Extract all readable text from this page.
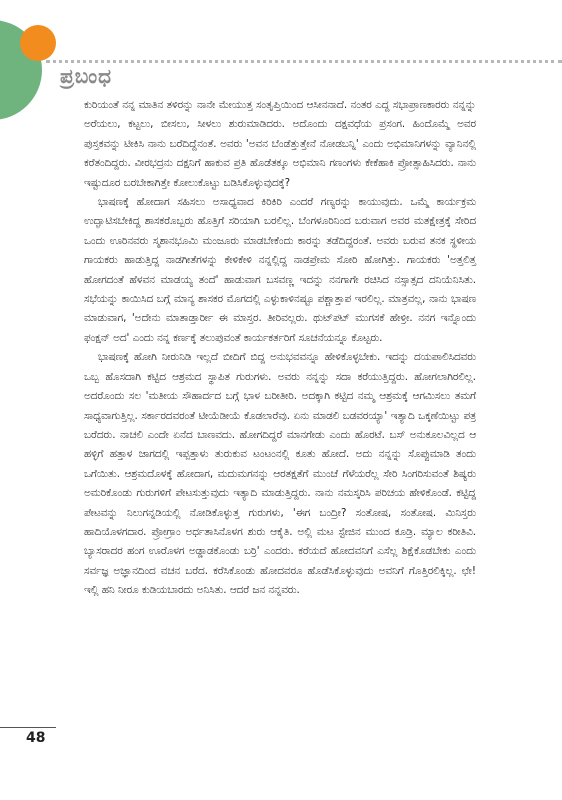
ಪ್ರಬಂಧ

ಕುರಿಯಂತೆ ನನ್ನ ಮಾತಿನ ತಳಿರನ್ನು ನಾನೇ ಮೇಯುತ್ತ ಸಂತೃಪ್ತಿಯಿಂದ ಆಸೀನನಾದೆ. ನಂತರ ಎದ್ದ ಸಭಾಪ್ರಾಣಕಾರರು ನನ್ನನ್ನು ಅರೆಯಲು, ಕಟ್ಟಲು, ಬೀಸಲು, ಸೀಳಲು ಶುರುಮಾಡಿದರು. ಅದೊಂದು ದಕ್ಷವಧೆಯ ಪ್ರಸಂಗ. ಹಿಂದೊಮ್ಮೆ ಅವರ ಪುಸ್ತಕವನ್ನು ಟೀಕಿಸಿ ನಾನು ಬರೆದಿದ್ದೆನಂತೆ. ಅವರು 'ಅವನ ಬೆಂಡೆತ್ತುತ್ತೇನೆ ನೋಡಬನ್ನಿ' ಎಂದು ಅಭಿಮಾನಿಗಳನ್ನು ವ್ಯಾನಿನಲ್ಲಿ ಕರೆತಂದಿದ್ದರು. ವೀರಭದ್ರನು ದಕ್ಷನಿಗೆ ಹಾಕುವ ಪ್ರತಿ ಹೊಡೆತಕ್ಕೂ ಅಭಿಮಾನಿ ಗಣಂಗಳು ಕೇಕೆಹಾಕಿ ಪ್ರೋತ್ಸಾಹಿಸಿದರು. ನಾನು ಇಷ್ಟುದೂರ ಬರಬೇಕಾಗಿತ್ತೇ ಕೋಲುಕೊಟ್ಟು ಬಡಿಸಿಕೊಳ್ಳುವುದಕ್ಕೆ?

ಭಾಷಣಕ್ಕೆ ಹೋದಾಗ ಸಹಿಸಲು ಅಸಾಧ್ಯವಾದ ಕಿರಿಕಿರಿ ಎಂದರೆ ಗಣ್ಯರನ್ನು ಕಾಯುವುದು. ಒಮ್ಮೆ ಕಾರ್ಯಕ್ರಮ ಉದ್ಘಾಟಿಸಬೇಕಿದ್ದ ಶಾಸಕರೊಬ್ಬರು ಹೊತ್ತಿಗೆ ಸರಿಯಾಗಿ ಬರಲಿಲ್ಲ. ಬೆಂಗಳೂರಿನಿಂದ ಬರುವಾಗ ಅವರ ಮತಕ್ಷೇತ್ರಕ್ಕೆ ಸೇರಿದ ಒಂದು ಊರಿನವರು ಸ್ಮಶಾನಭೂಮಿ ಮಂಜೂರು ಮಾಡಬೇಕೆಂದು ಕಾರನ್ನು ತಡೆದಿದ್ದರಂತೆ. ಅವರು ಬರುವ ತನಕ ಸ್ಥಳೀಯ ಗಾಯಕರು ಹಾಡುತ್ತಿದ್ದ ನಾಡಗೀತೆಗಳನ್ನು ಕೇಳಿಕೇಳಿ ನನ್ನಲ್ಲಿದ್ದ ನಾಡಪ್ರೇಮ ಸೋರಿ ಹೋಗಿತ್ತು. ಗಾಯಕರು 'ಅತ್ತಲಿತ್ತ ಹೋಗದಂತೆ ಹೆಳವನ ಮಾಡಯ್ಯ ತಂದೆ' ಹಾಡುವಾಗ ಬಸವಣ್ಣ ಇದನ್ನು ನನಗಾಗೇ ರಚಿಸಿದ ನಸ್ಸಾತ್ಸದ ದನಿಯೆನಿಸಿತು. ಸಭೆಯನ್ನು ಕಾಯಿಸಿದ ಬಗ್ಗೆ ಮಾನ್ಯ ಶಾಸಕರ ಮೊಗದಲ್ಲಿ ಎಳ್ಳುಕಾಳಿನಷ್ಟೂ ಪಶ್ಚಾತ್ತಾಪ ಇರಲಿಲ್ಲ. ಮಾತ್ರವಲ್ಲ, ನಾನು ಭಾಷಣ ಮಾಡುವಾಗ, 'ಅದೇನು ಮಾತಾಡ್ತಾರ್ರೀ ಈ ಮಾಸ್ತರ. ತೀರಿವಲ್ಲರು. ಥುಟ್‌ಪಟ್ ಮುಗಸಕೆ ಹೇಳ್ರೀ. ನನಗ ಇನ್ನೊಂದು ಫಂಕ್ಷನ್ ಅದ' ಎಂದು ನನ್ನ ಕರ್ಣಕ್ಕೆ ತಲುಪುವಂತೆ ಕಾರ್ಯಕರ್ತರಿಗೆ ಸೂಚನೆಯನ್ನೂ ಕೊಟ್ಟರು.

ಭಾಷಣಕ್ಕೆ ಹೋಗಿ ನೀರುನಿಡಿ ಇಲ್ಲದೆ ಬೀದಿಗೆ ಬಿದ್ದ ಅನುಭವವನ್ನೂ ಹೇಳಿಕೊಳ್ಳಬೇಕು. ಇದನ್ನು ದಯಪಾಲಿಸಿದವರು ಒಬ್ಬ ಹೊಸದಾಗಿ ಕಟ್ಟಿದ ಆಶ್ರಮದ ಸ್ಥಾಪಿತ ಗುರುಗಳು. ಅವರು ನನ್ನನ್ನು ಸದಾ ಕರೆಯುತ್ತಿದ್ದರು. ಹೋಗಲಾಗಿರಲಿಲ್ಲ. ಅದರೊಂದು ಸಲ 'ಮತೀಯ ಸೌಹಾರ್ದದ ಬಗ್ಗೆ ಭಾಳ ಬರೀತೀರಿ. ಅದಕ್ಕಾಗಿ ಕಟ್ಟಿದ ನಮ್ಮ ಆಶ್ರಮಕ್ಕೆ ಆಗಮಿಸಲು ತಮಗೆ ಸಾಧ್ಯವಾಗುತ್ತಿಲ್ಲ. ಸರ್ಕಾರದವರಂತೆ ಟೀಯೆಡೀಯೆ ಕೊಡಲಾರೆವು. ಏನು ಮಾಡಲಿ ಬಡವರಯ್ಯಾ' ಇತ್ಯಾದಿ ಒಕ್ಕಣೆಯಿಟ್ಟು ಪತ್ರ ಬರೆದರು. ನಾಚಲಿ ಎಂದೇ ಏನೆದ ಬಾಣವದು. ಹೋಗದಿದ್ದರೆ ಮಾನಗೇಡು ಎಂದು ಹೊರಟೆ. ಬಸ್ ಅನುಕೂಲವಿಲ್ಲದ ಆ ಹಳ್ಳಿಗೆ ಹತ್ತಾಳ ಜಾಗದಲ್ಲಿ ಇಪ್ಪತ್ತಾಳು ತುರುಕುವ ಟಂಟಂನಲ್ಲಿ ಕೂತು ಹೋದೆ. ಅದು ನನ್ನನ್ನು ಸೊಪ್ಪುಮಾಡಿ ತಂದು ಒಗೆಯಿತು. ಆಶ್ರಮದೊಳಕ್ಕೆ ಹೋದಾಗ, ಮದುಮಗನನ್ನು ಆರತಕ್ಷತೆಗೆ ಮುಂಚೆ ಗೆಳೆಯರೆಲ್ಲ ಸೇರಿ ಸಿಂಗರಿಸುವಂತೆ ಶಿಷ್ಯರು ಅಮರಿಕೊಂಡು ಗುರುಗಳಿಗೆ ಪೇಟಸುತ್ತುವುದು ಇತ್ಯಾದಿ ಮಾಡುತ್ತಿದ್ದರು. ನಾನು ನಮಸ್ಕರಿಸಿ ಪರಿಚಯ ಹೇಳಿಕೊಂಡೆ. ಕಟ್ಟಿದ್ದ ಪೇಟವನ್ನು ನಿಲುಗನ್ನಡಿಯಲ್ಲಿ ನೋಡಿಕೊಳ್ಳುತ್ತ ಗುರುಗಳು, 'ಈಗ ಬಂದ್ರೀ? ಸಂತೋಷ, ಸಂತೋಷ. ಮಿನಿಸ್ತರು ಹಾದಿಯೊಳಗದಾರ. ಪ್ರೋಗ್ರಾಂ ಅರ್ಧತಾಸಿನೊಳಗ ಶುರು ಆಕೈತಿ. ಅಲ್ಲಿ ಮಟ ಸ್ಟೇಜಿನ ಮುಂದ ಕೂಡ್ರಿ. ಮ್ಯಾಲ ಕರೀತಿವಿ. ಬ್ಯಾಸರಾದರ ಹಂಗ ಊರೊಳಗ ಅಡ್ಡಾಡಕೊಂಡು ಬರ್ರಿ' ಎಂದರು. ಕರೆಯದೆ ಹೋದವನಿಗೆ ಎಸೆಲ್ಲ ಶಿಕ್ಷೆಕೊಡಬೇಕು ಎಂದು ಸರ್ವಜ್ಞ ಅಜ್ಞಾನದಿಂದ ವಚನ ಬರೆದ. ಕರೆಸಿಕೊಂಡು ಹೋದವರೂ ಹೊಡೆಸಿಕೊಳ್ಳುವುದು ಅವನಿಗೆ ಗೊತ್ತಿರಲಿಕ್ಕಿಲ್ಲ. ಛೇ! ಇಲ್ಲಿ ಹನಿ ನೀರೂ ಕುಡಿಯಬಾರದು ಅನಿಸಿತು. ಆದರೆ ಜನ ನನ್ನವರು.

48
